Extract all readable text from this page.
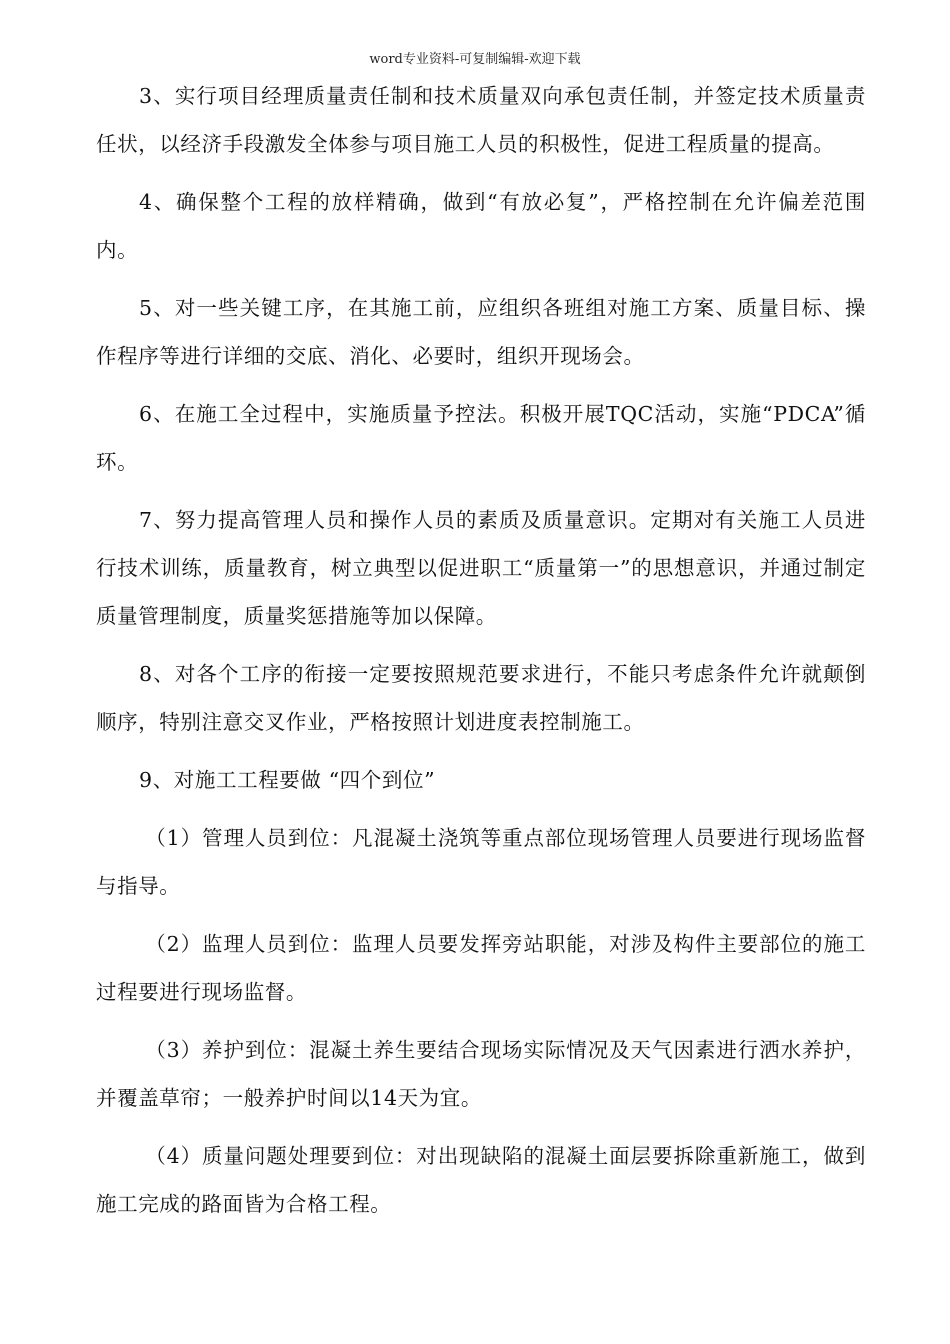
word专业资料-可复制编辑-欢迎下载

3、实行项目经理质量责任制和技术质量双向承包责任制，并签定技术质量责任状，以经济手段激发全体参与项目施工人员的积极性，促进工程质量的提高。

4、确保整个工程的放样精确，做到“有放必复”，严格控制在允许偏差范围内。

5、对一些关键工序，在其施工前，应组织各班组对施工方案、质量目标、操作程序等进行详细的交底、消化、必要时，组织开现场会。

6、在施工全过程中，实施质量予控法。积极开展TQC活动，实施“PDCA”循环。

7、努力提高管理人员和操作人员的素质及质量意识。定期对有关施工人员进行技术训练，质量教育，树立典型以促进职工“质量第一”的思想意识，并通过制定质量管理制度，质量奖惩措施等加以保障。

8、对各个工序的衔接一定要按照规范要求进行，不能只考虑条件允许就颠倒顺序，特别注意交叉作业，严格按照计划进度表控制施工。

9、对施工工程要做 “四个到位”

（1）管理人员到位：凡混凝土浇筑等重点部位现场管理人员要进行现场监督与指导。

（2）监理人员到位：监理人员要发挥旁站职能，对涉及构件主要部位的施工过程要进行现场监督。

（3）养护到位：混凝土养生要结合现场实际情况及天气因素进行洒水养护，并覆盖草帘；一般养护时间以14天为宜。

（4）质量问题处理要到位：对出现缺陷的混凝土面层要拆除重新施工，做到施工完成的路面皆为合格工程。
